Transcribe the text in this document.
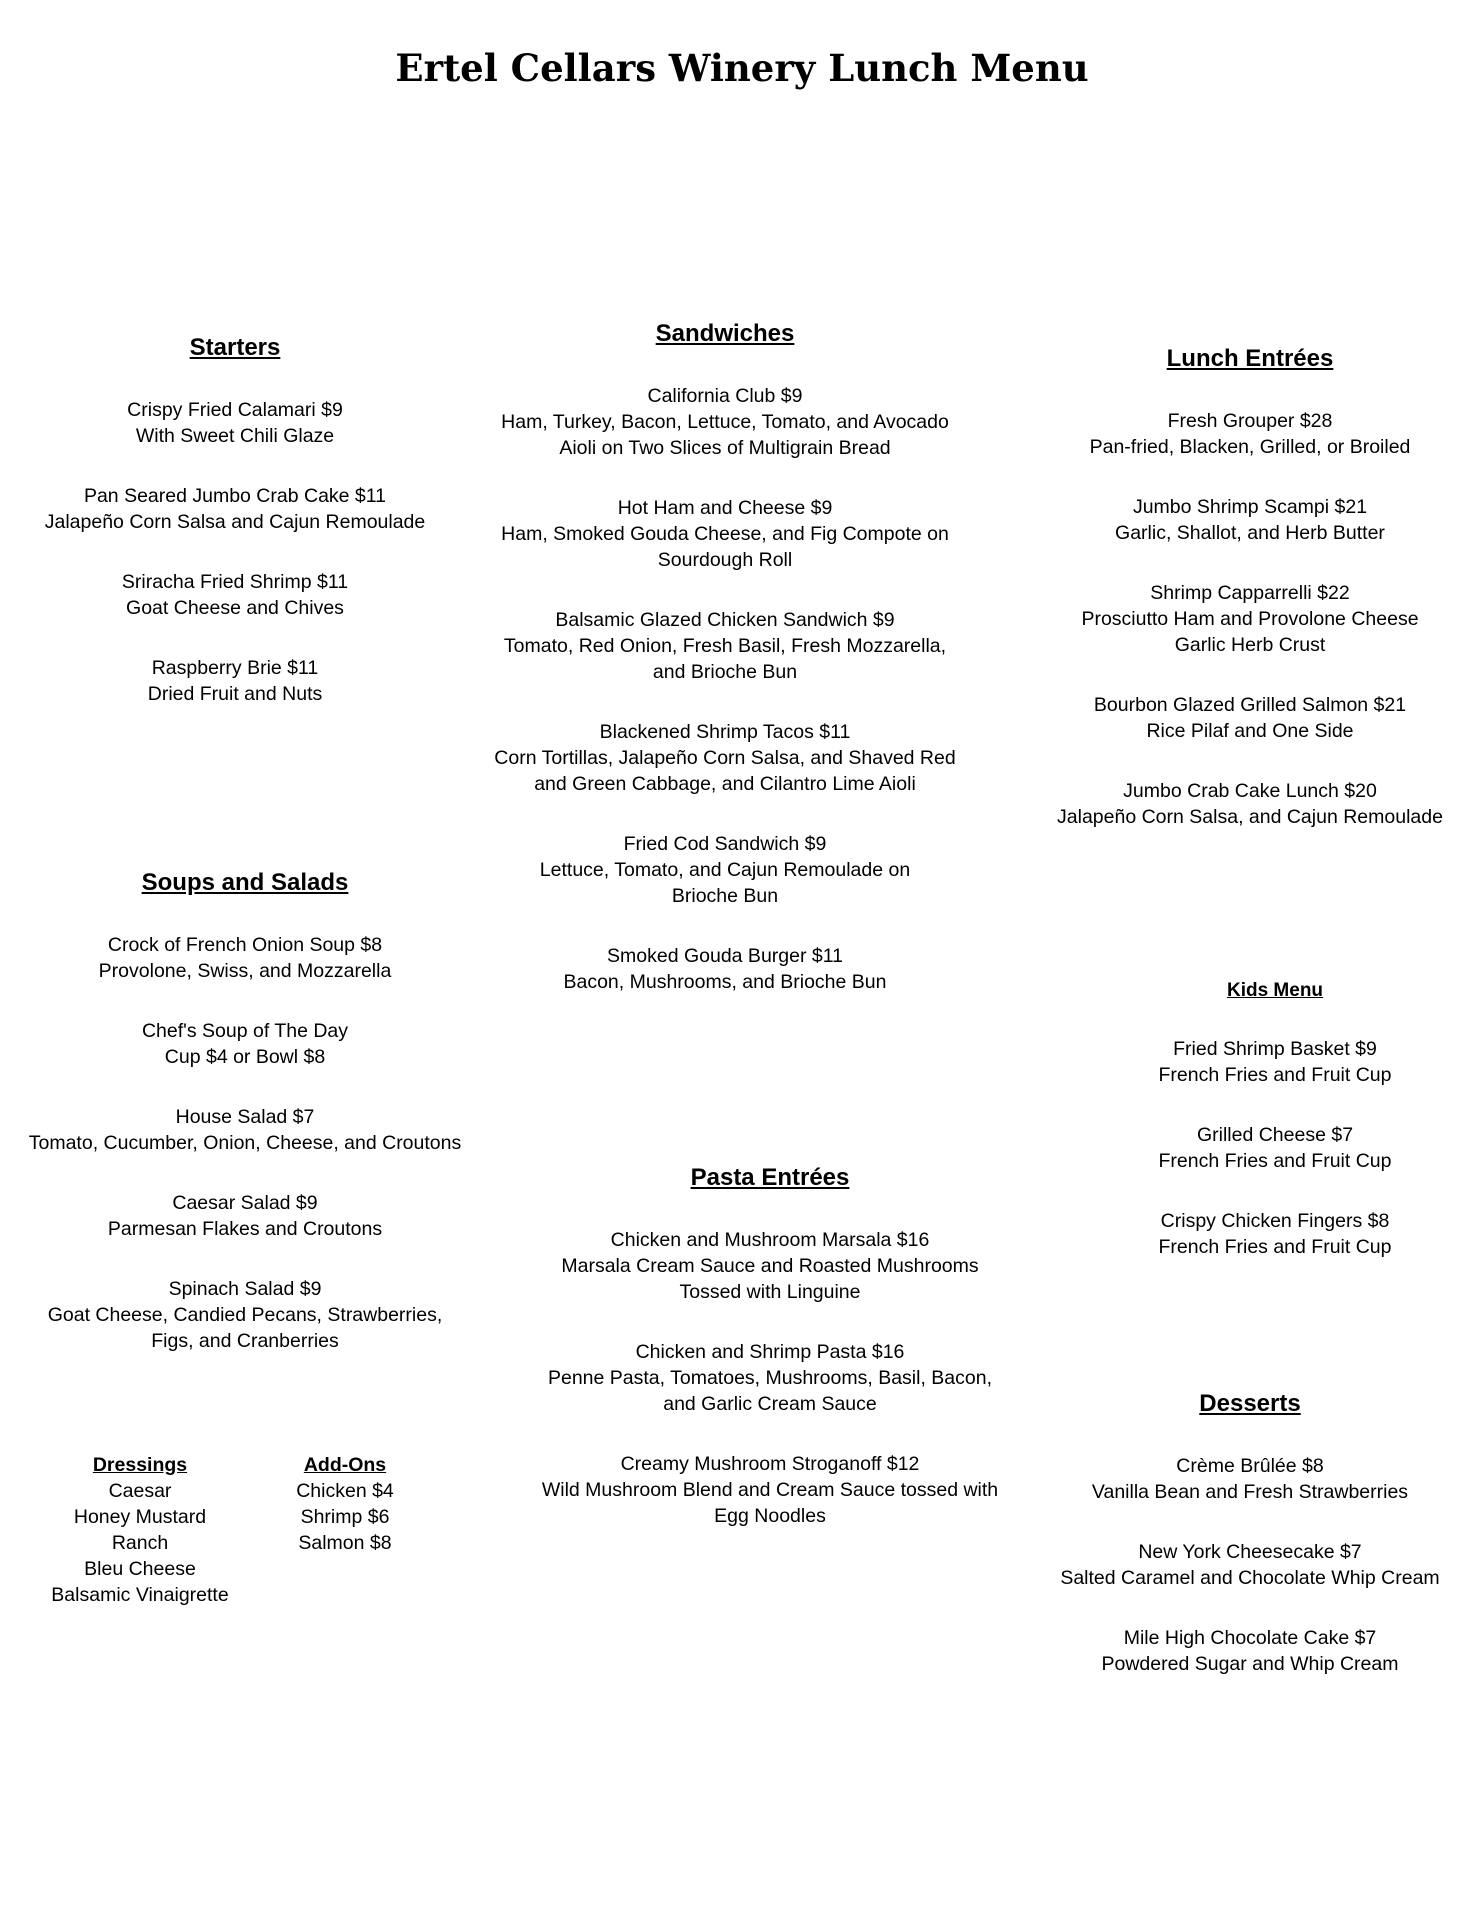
Ertel Cellars Winery Lunch Menu
Starters
Crispy Fried Calamari $9
With Sweet Chili Glaze
Pan Seared Jumbo Crab Cake $11
Jalapeño Corn Salsa and Cajun Remoulade
Sriracha Fried Shrimp $11
Goat Cheese and Chives
Raspberry Brie $11
Dried Fruit and Nuts
Soups and Salads
Crock of French Onion Soup $8
Provolone, Swiss, and Mozzarella
Chef's Soup of The Day
Cup $4 or Bowl $8
House Salad $7
Tomato, Cucumber, Onion, Cheese, and Croutons
Caesar Salad $9
Parmesan Flakes and Croutons
Spinach Salad $9
Goat Cheese, Candied Pecans, Strawberries,
Figs, and Cranberries
Dressings
Caesar
Honey Mustard
Ranch
Bleu Cheese
Balsamic Vinaigrette
Add-Ons
Chicken $4
Shrimp $6
Salmon $8
Sandwiches
California Club $9
Ham, Turkey, Bacon, Lettuce, Tomato, and Avocado
Aioli on Two Slices of Multigrain Bread
Hot Ham and Cheese $9
Ham, Smoked Gouda Cheese, and Fig Compote on
Sourdough Roll
Balsamic Glazed Chicken Sandwich $9
Tomato, Red Onion, Fresh Basil, Fresh Mozzarella,
and Brioche Bun
Blackened Shrimp Tacos $11
Corn Tortillas, Jalapeño Corn Salsa, and Shaved Red
and Green Cabbage, and Cilantro Lime Aioli
Fried Cod Sandwich $9
Lettuce, Tomato, and Cajun Remoulade on
Brioche Bun
Smoked Gouda Burger $11
Bacon, Mushrooms, and Brioche Bun
Pasta Entrées
Chicken and Mushroom Marsala $16
Marsala Cream Sauce and Roasted Mushrooms
Tossed with Linguine
Chicken and Shrimp Pasta $16
Penne Pasta, Tomatoes, Mushrooms, Basil, Bacon,
and Garlic Cream Sauce
Creamy Mushroom Stroganoff $12
Wild Mushroom Blend and Cream Sauce tossed with
Egg Noodles
Lunch Entrées
Fresh Grouper $28
Pan-fried, Blacken, Grilled, or Broiled
Jumbo Shrimp Scampi $21
Garlic, Shallot, and Herb Butter
Shrimp Capparrelli $22
Prosciutto Ham and Provolone Cheese
Garlic Herb Crust
Bourbon Glazed Grilled Salmon $21
Rice Pilaf and One Side
Jumbo Crab Cake Lunch $20
Jalapeño Corn Salsa, and Cajun Remoulade
Kids Menu
Fried Shrimp Basket $9
French Fries and Fruit Cup
Grilled Cheese $7
French Fries and Fruit Cup
Crispy Chicken Fingers $8
French Fries and Fruit Cup
Desserts
Crème Brûlée $8
Vanilla Bean and Fresh Strawberries
New York Cheesecake $7
Salted Caramel and Chocolate Whip Cream
Mile High Chocolate Cake $7
Powdered Sugar and Whip Cream
